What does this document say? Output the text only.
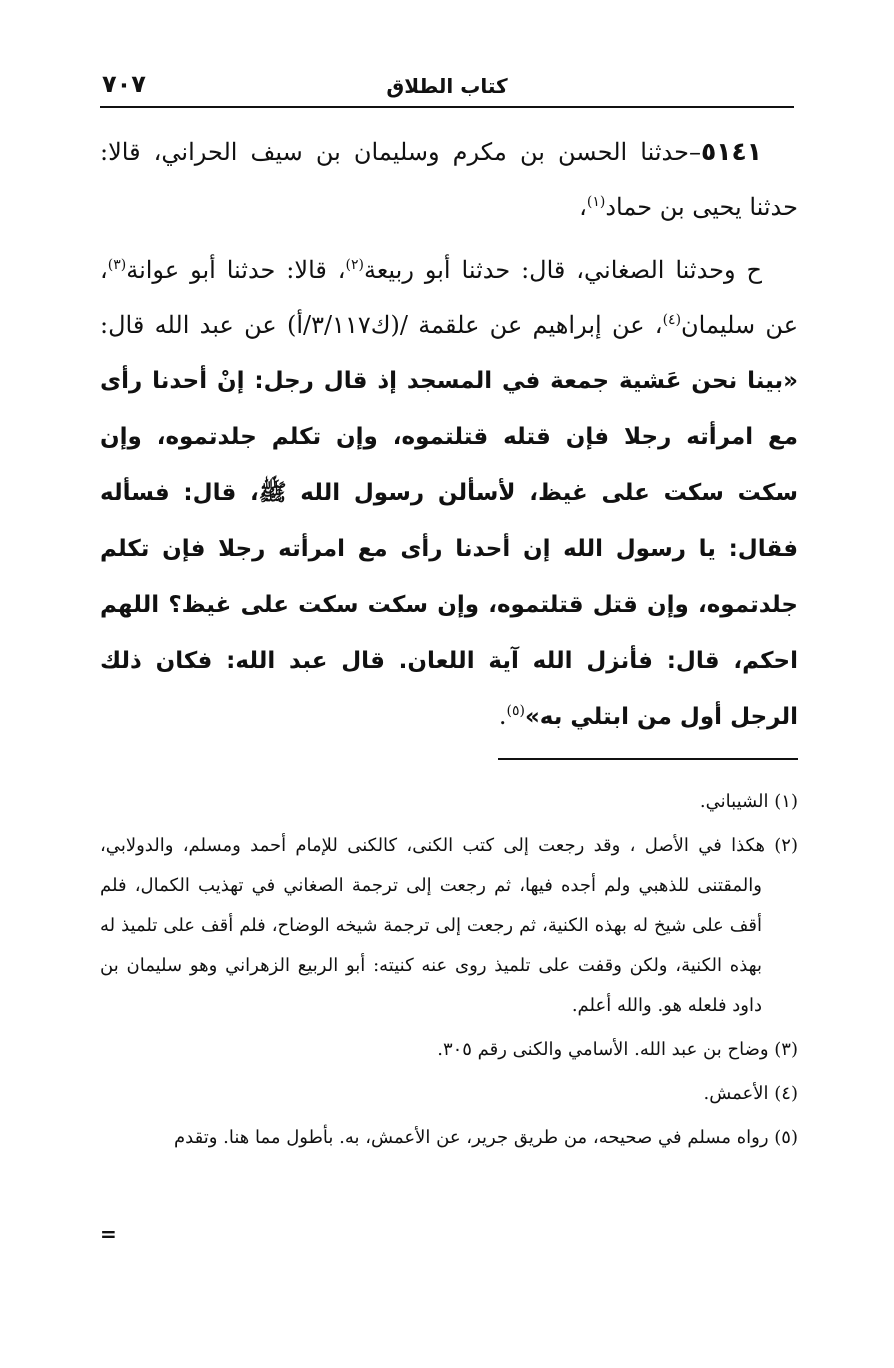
كتاب الطلاق
٧٠٧

٥١٤١–حدثنا الحسن بن مكرم وسليمان بن سيف الحراني، قالا: حدثنا يحيى بن حماد$^{(١)}$،

ح وحدثنا الصغاني، قال: حدثنا أبو ربيعة$^{(٢)}$، قالا: حدثنا أبو عوانة$^{(٣)}$، عن سليمان$^{(٤)}$، عن إبراهيم عن علقمة /(ك٣/١١٧/أ) عن عبد الله قال: «بينا نحن عَشية جمعة في المسجد إذ قال رجل: إنْ أحدنا رأى مع امرأته رجلا فإن قتله قتلتموه، وإن تكلم جلدتموه، وإن سكت سكت على غيظ، لأسألن رسول الله ﷺ، قال: فسأله فقال: يا رسول الله إن أحدنا رأى مع امرأته رجلا فإن تكلم جلدتموه، وإن قتل قتلتموه، وإن سكت سكت على غيظ؟ اللهم احكم، قال: فأنزل الله آية اللعان. قال عبد الله: فكان ذلك الرجل أول من ابتلي به»$^{(٥)}$.

(١) الشيباني.

(٢) هكذا في الأصل ، وقد رجعت إلى كتب الكنى، كالكنى للإمام أحمد ومسلم، والدولابي، والمقتنى للذهبي ولم أجده فيها، ثم رجعت إلى ترجمة الصغاني في تهذيب الكمال، فلم أقف على شيخ له بهذه الكنية، ثم رجعت إلى ترجمة شيخه الوضاح، فلم أقف على تلميذ له بهذه الكنية، ولكن وقفت على تلميذ روى عنه كنيته: أبو الربيع الزهراني وهو سليمان بن داود فلعله هو. والله أعلم.

(٣) وضاح بن عبد الله. الأسامي والكنى رقم ٣٠٥.

(٤) الأعمش.

(٥) رواه مسلم في صحيحه، من طريق جرير، عن الأعمش، به. بأطول مما هنا. وتقدم

=
